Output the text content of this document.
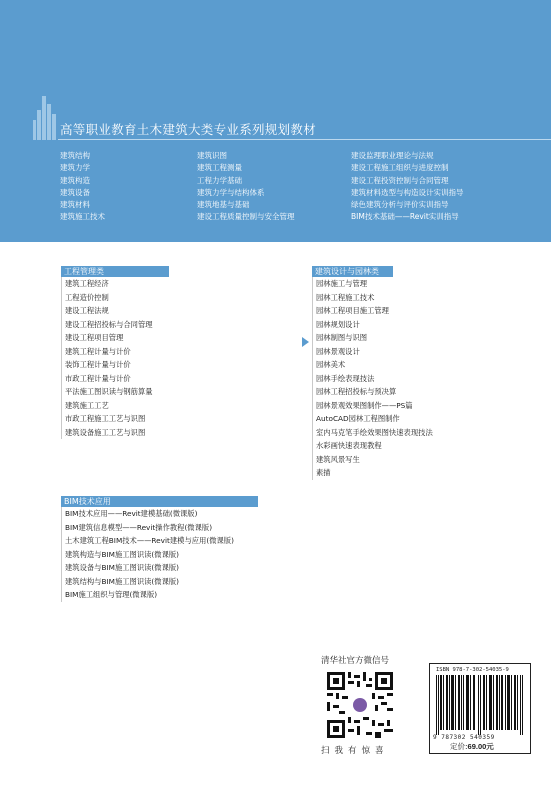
高等职业教育土木建筑大类专业系列规划教材
建筑结构
建筑力学
建筑构造
建筑设备
建筑材料
建筑施工技术
建筑识图
建筑工程测量
工程力学基础
建筑力学与结构体系
建筑地基与基础
建设工程质量控制与安全管理
建设监理职业理论与法规
建设工程施工组织与进度控制
建设工程投资控制与合同管理
建筑材料选型与构造设计实训指导
绿色建筑分析与评价实训指导
BIM技术基础——Revit实训指导
工程管理类
建筑工程经济
工程造价控制
建设工程法规
建设工程招投标与合同管理
建设工程项目管理
建筑工程计量与计价
装饰工程计量与计价
市政工程计量与计价
平法施工图识读与钢筋算量
建筑施工工艺
市政工程施工工艺与识图
建筑设备施工工艺与识图
建筑设计与园林类
园林施工与管理
园林工程施工技术
园林工程项目施工管理
园林规划设计
园林制图与识图
园林景观设计
园林美术
园林手绘表现技法
园林工程招投标与预决算
园林景观效果图制作——PS篇
AutoCAD园林工程图制作
室内马克笔手绘效果图快速表现技法
水彩画快速表现教程
建筑风景写生
素描
BIM技术应用
BIM技术应用——Revit建模基础(微课版)
BIM建筑信息模型——Revit操作教程(微课版)
土木建筑工程BIM技术——Revit建模与应用(微课版)
建筑构造与BIM施工图识读(微课版)
建筑设备与BIM施工图识读(微课版)
建筑结构与BIM施工图识读(微课版)
BIM施工组织与管理(微课版)
清华社官方微信号
扫我有惊喜
ISBN 978-7-302-54035-9
9 787302 540359
定价:69.00元
